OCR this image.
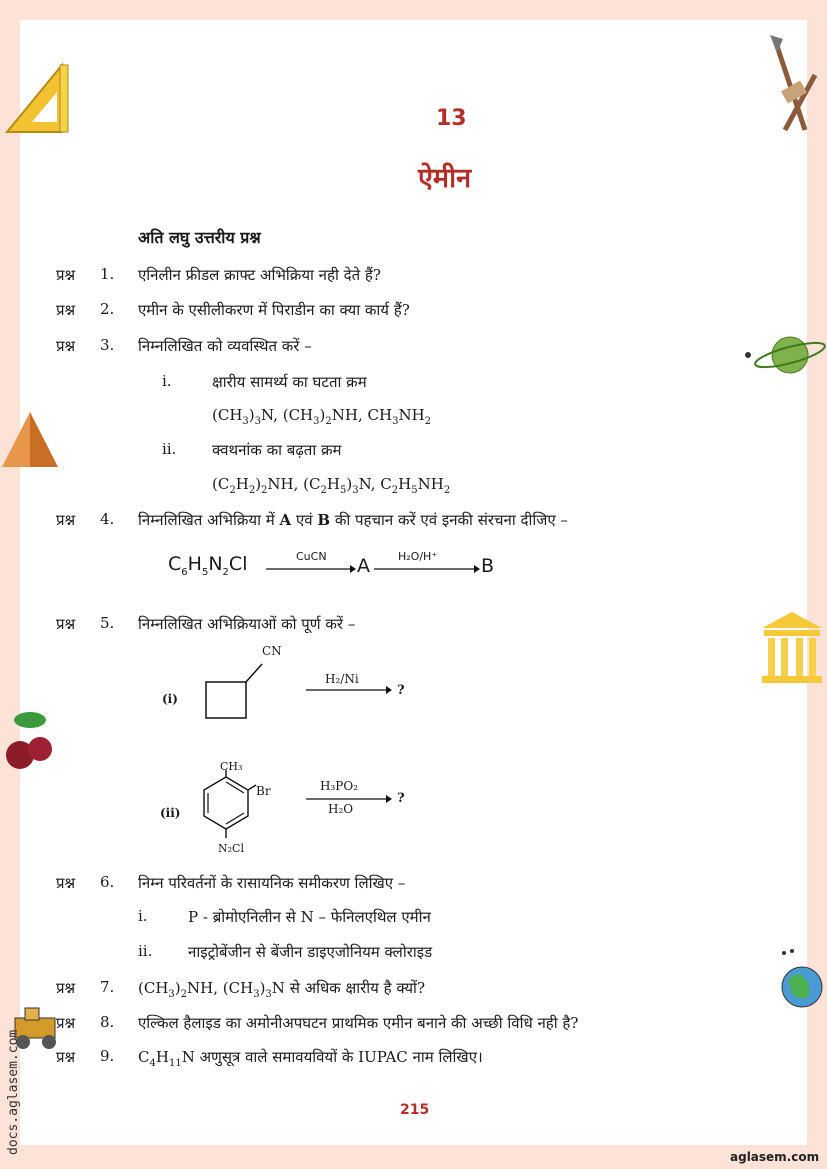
docs.aglasem.com
13
ऐमीन
अति लघु उत्तरीय प्रश्न
प्रश्न 1. एनिलीन फ्रीडल क्राफ्ट अभिक्रिया नही देते हैं?
प्रश्न 2. एमीन के एसीलीकरण में पिराडीन का क्या कार्य हैं?
प्रश्न 3. निम्नलिखित को व्यवस्थित करें –
i.	क्षारीय सामर्थ्य का घटता क्रम
$(CH_3)_3N$, $(CH_3)_2NH$, $CH_3NH_2$
ii. क्वथनांक का बढ़ता क्रम
$(C_2H_2)_2NH$, $(C_2H_5)_3N$, $C_2H_5NH_2$
प्रश्न 4. निम्नलिखित अभिक्रिया में A एवं B की पहचान करें एवं इनकी संरचना दीजिए –
$C_6H_5N_2Cl$	CuCN A	H₂O/H⁺ B
प्रश्न 5. निम्नलिखित अभिक्रियाओं को पूर्ण करें –
(i)
CN
H₂/Ni
?
(ii)
CH₃
Br
N₂Cl
H₃PO₂
H₂O
?
प्रश्न 6. निम्न परिवर्तनों के रासायनिक समीकरण लिखिए –
i.	P - ब्रोमोएनिलीन से N – फेनिलएथिल एमीन
ii. नाइट्रोबेंजीन से बेंजीन डाइएजोनियम क्लोराइड
प्रश्न 7. $(CH_3)_2NH$, $(CH_3)_3N$ से अधिक क्षारीय है क्यों?
प्रश्न 8. एल्किल हैलाइड का अमोनीअपघटन प्राथमिक एमीन बनाने की अच्छी विधि नही है?
प्रश्न 9. $C_4H_{11}N$ अणुसूत्र वाले समावयवियों के IUPAC नाम लिखिए।
215
aglasem.com
